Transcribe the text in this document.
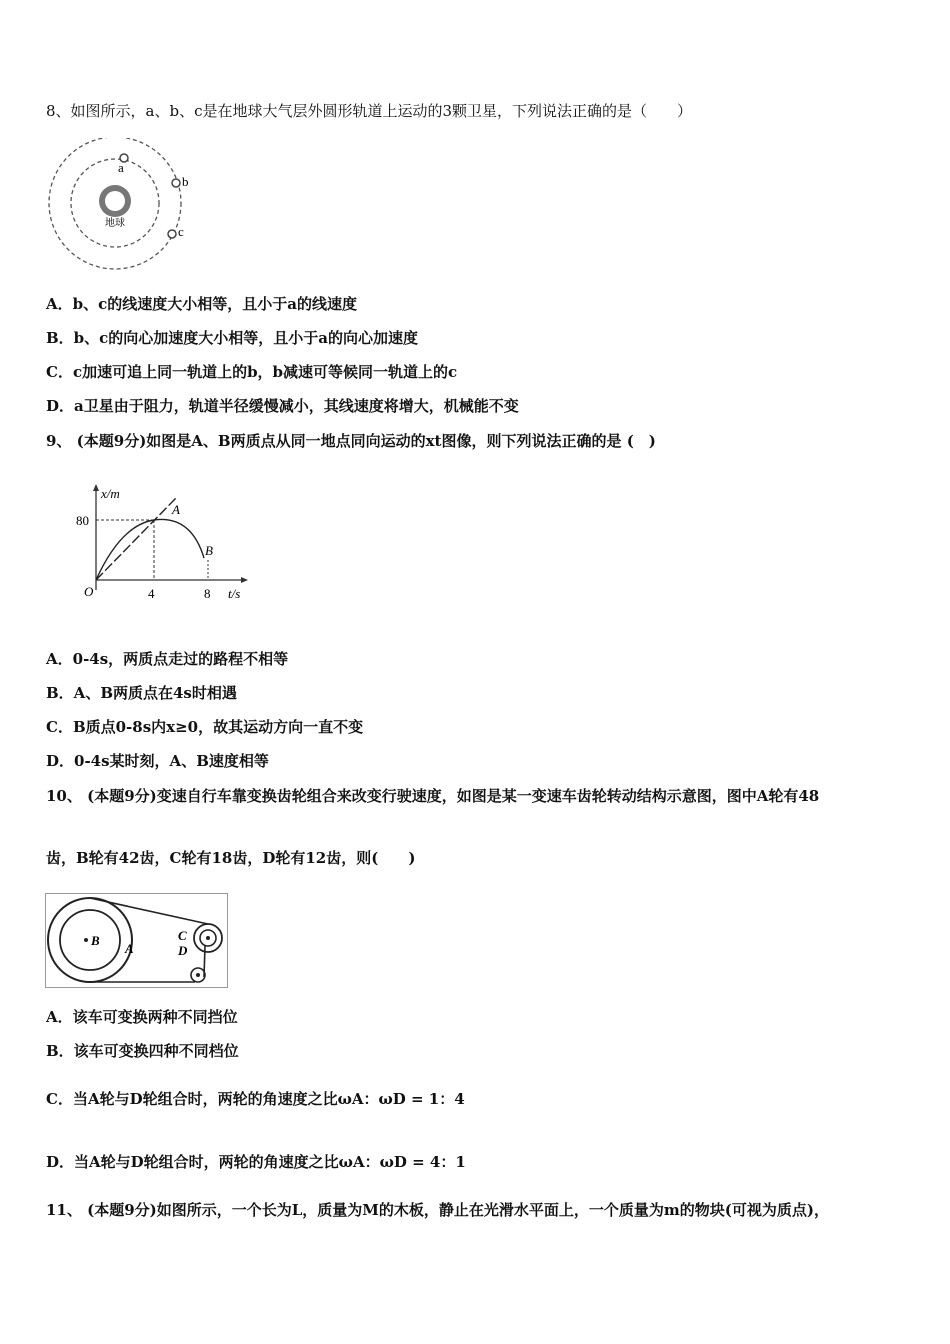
8、如图所示，a、b、c是在地球大气层外圆形轨道上运动的3颗卫星，下列说法正确的是（　　）
地球
a
b
c
A．b、c的线速度大小相等，且小于a的线速度
B．b、c的向心加速度大小相等，且小于a的向心加速度
C．c加速可追上同一轨道上的b，b减速可等候同一轨道上的c
D．a卫星由于阻力，轨道半径缓慢减小，其线速度将增大，机械能不变
9、 (本题9分)如图是A、B两质点从同一地点同向运动的xt图像，则下列说法正确的是 (　)
x/m
t/s
O
80
4	8
A
B
A．0-4s，两质点走过的路程不相等
B．A、B两质点在4s时相遇
C．B质点0-8s内x≥0，故其运动方向一直不变
D．0-4s某时刻，A、B速度相等
10、 (本题9分)变速自行车靠变换齿轮组合来改变行驶速度，如图是某一变速车齿轮转动结构示意图，图中A轮有48
齿，B轮有42齿，C轮有18齿，D轮有12齿，则(　　)
B
A
C
D
A．该车可变换两种不同挡位
B．该车可变换四种不同档位
C．当A轮与D轮组合时，两轮的角速度之比ωA：ωD = 1：4
D．当A轮与D轮组合时，两轮的角速度之比ωA：ωD = 4：1
11、 (本题9分)如图所示，一个长为L，质量为M的木板，静止在光滑水平面上，一个质量为m的物块(可视为质点)，
